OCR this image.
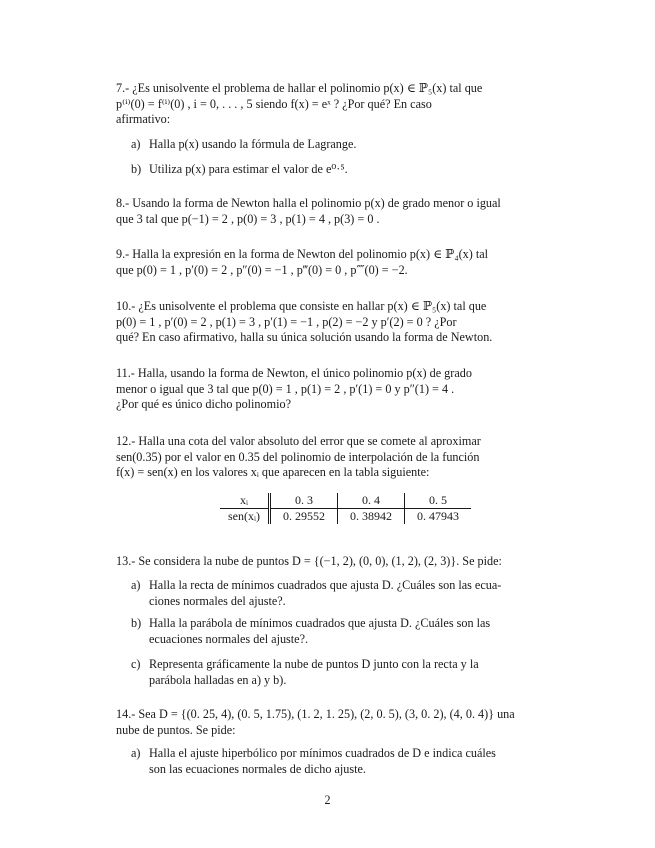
7.- ¿Es unisolvente el problema de hallar el polinomio p(x) ∈ ℙ₅(x) tal que
p⁽ⁱ⁾(0) = f⁽ⁱ⁾(0) , i = 0, . . . , 5 siendo f(x) = eˣ ? ¿Por qué? En caso
afirmativo:
a) Halla p(x) usando la fórmula de Lagrange.
b) Utiliza p(x) para estimar el valor de e⁰·⁵.
8.- Usando la forma de Newton halla el polinomio p(x) de grado menor o igual
que 3 tal que p(−1) = 2 , p(0) = 3 , p(1) = 4 , p(3) = 0 .
9.- Halla la expresión en la forma de Newton del polinomio p(x) ∈ ℙ₄(x) tal
que p(0) = 1 , p′(0) = 2 , p″(0) = −1 , p‴(0) = 0 , p⁗(0) = −2.
10.- ¿Es unisolvente el problema que consiste en hallar p(x) ∈ ℙ₅(x) tal que
p(0) = 1 , p′(0) = 2 , p(1) = 3 , p′(1) = −1 , p(2) = −2 y p′(2) = 0 ? ¿Por
qué? En caso afirmativo, halla su única solución usando la forma de Newton.
11.- Halla, usando la forma de Newton, el único polinomio p(x) de grado
menor o igual que 3 tal que p(0) = 1 , p(1) = 2 , p′(1) = 0 y p″(1) = 4 .
¿Por qué es único dicho polinomio?
12.- Halla una cota del valor absoluto del error que se comete al aproximar
sen(0.35) por el valor en 0.35 del polinomio de interpolación de la función
f(x) = sen(x) en los valores xᵢ que aparecen en la tabla siguiente:
xᵢ	0. 3	0. 4	0. 5
sen(xᵢ)	0. 29552	0. 38942	0. 47943
13.- Se considera la nube de puntos D = {(−1, 2), (0, 0), (1, 2), (2, 3)}. Se pide:
a) Halla la recta de mínimos cuadrados que ajusta D. ¿Cuáles son las ecua-
ciones normales del ajuste?.
b) Halla la parábola de mínimos cuadrados que ajusta D. ¿Cuáles son las
ecuaciones normales del ajuste?.
c) Representa gráficamente la nube de puntos D junto con la recta y la
parábola halladas en a) y b).
14.- Sea D = {(0. 25, 4), (0. 5, 1.75), (1. 2, 1. 25), (2, 0. 5), (3, 0. 2), (4, 0. 4)} una
nube de puntos. Se pide:
a) Halla el ajuste hiperbólico por mínimos cuadrados de D e indica cuáles
son las ecuaciones normales de dicho ajuste.
2
